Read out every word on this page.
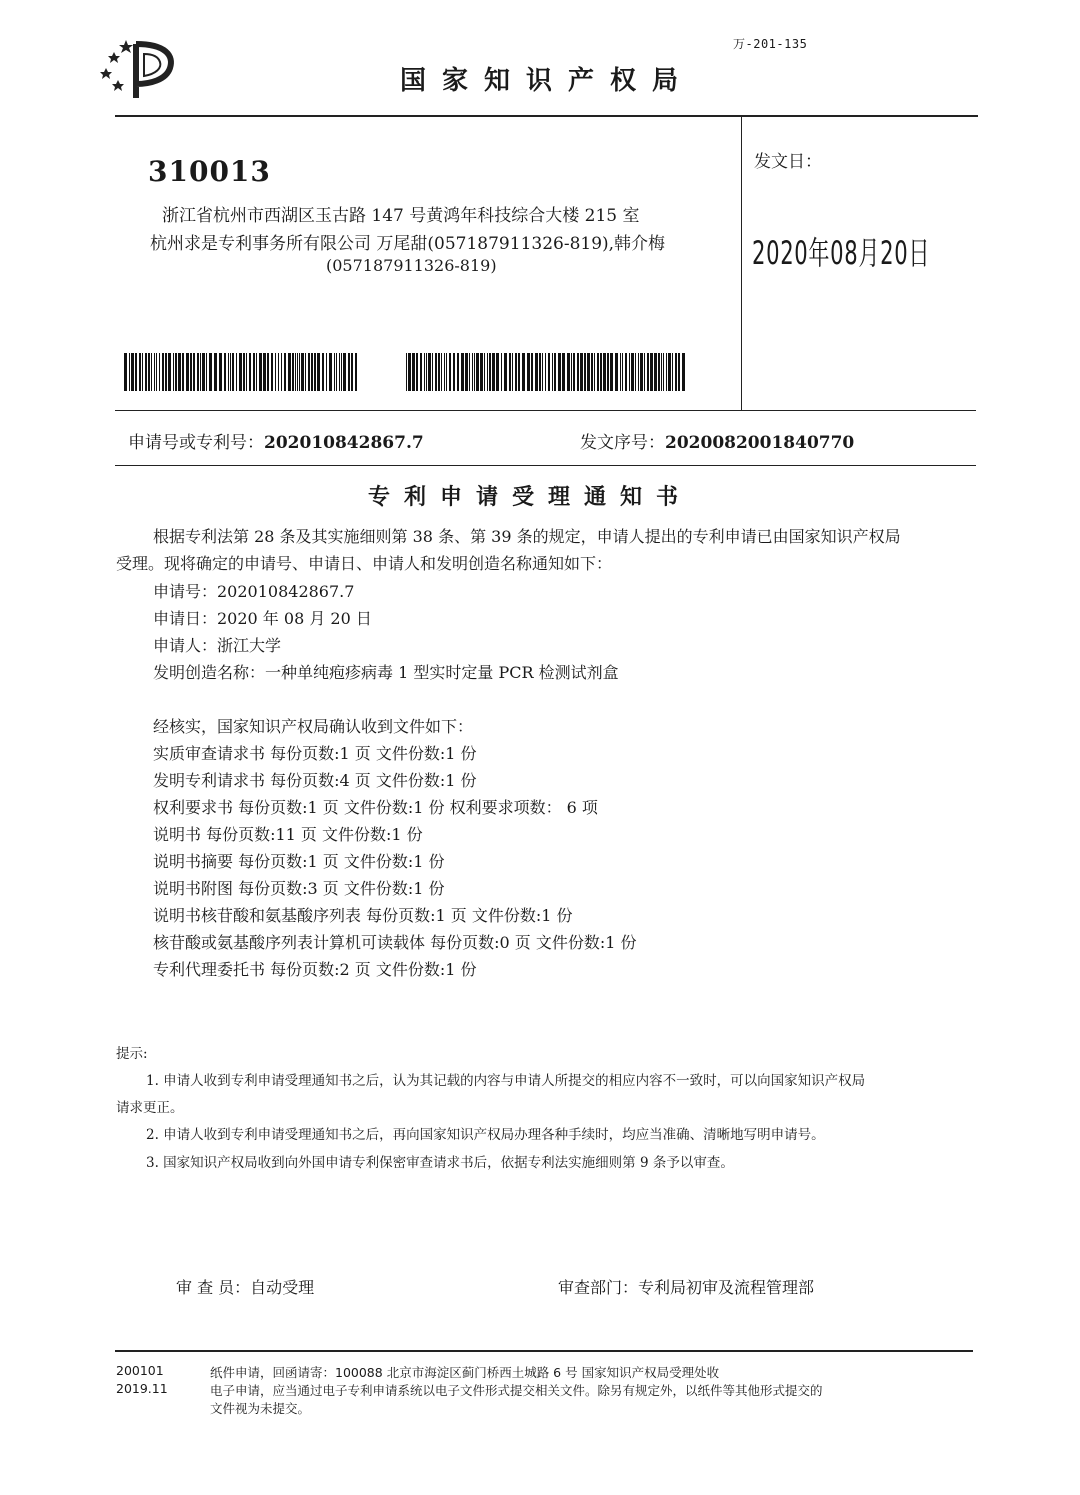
万-201-135
国家知识产权局
310013
浙江省杭州市西湖区玉古路 147 号黄鸿年科技综合大楼 215 室
杭州求是专利事务所有限公司 万尾甜(057187911326-819),韩介梅
(057187911326-819)
发文日：
2020年08月20日
申请号或专利号：202010842867.7	发文序号：2020082001840770
专利申请受理通知书
根据专利法第 28 条及其实施细则第 38 条、第 39 条的规定，申请人提出的专利申请已由国家知识产权局
受理。现将确定的申请号、申请日、申请人和发明创造名称通知如下：
申请号：202010842867.7
申请日：2020 年 08 月 20 日
申请人：浙江大学
发明创造名称：一种单纯疱疹病毒 1 型实时定量 PCR 检测试剂盒
经核实，国家知识产权局确认收到文件如下：
实质审查请求书 每份页数:1 页 文件份数:1 份
发明专利请求书 每份页数:4 页 文件份数:1 份
权利要求书 每份页数:1 页 文件份数:1 份 权利要求项数： 6 项
说明书 每份页数:11 页 文件份数:1 份
说明书摘要 每份页数:1 页 文件份数:1 份
说明书附图 每份页数:3 页 文件份数:1 份
说明书核苷酸和氨基酸序列表 每份页数:1 页 文件份数:1 份
核苷酸或氨基酸序列表计算机可读载体 每份页数:0 页 文件份数:1 份
专利代理委托书 每份页数:2 页 文件份数:1 份
提示:
1. 申请人收到专利申请受理通知书之后，认为其记载的内容与申请人所提交的相应内容不一致时，可以向国家知识产权局
请求更正。
2. 申请人收到专利申请受理通知书之后，再向国家知识产权局办理各种手续时，均应当准确、清晰地写明申请号。
3. 国家知识产权局收到向外国申请专利保密审查请求书后，依据专利法实施细则第 9 条予以审查。
审 查 员：自动受理	审查部门：专利局初审及流程管理部
200101
2019.11
纸件申请，回函请寄：100088 北京市海淀区蓟门桥西土城路 6 号 国家知识产权局受理处收
电子申请，应当通过电子专利申请系统以电子文件形式提交相关文件。除另有规定外，以纸件等其他形式提交的
文件视为未提交。
